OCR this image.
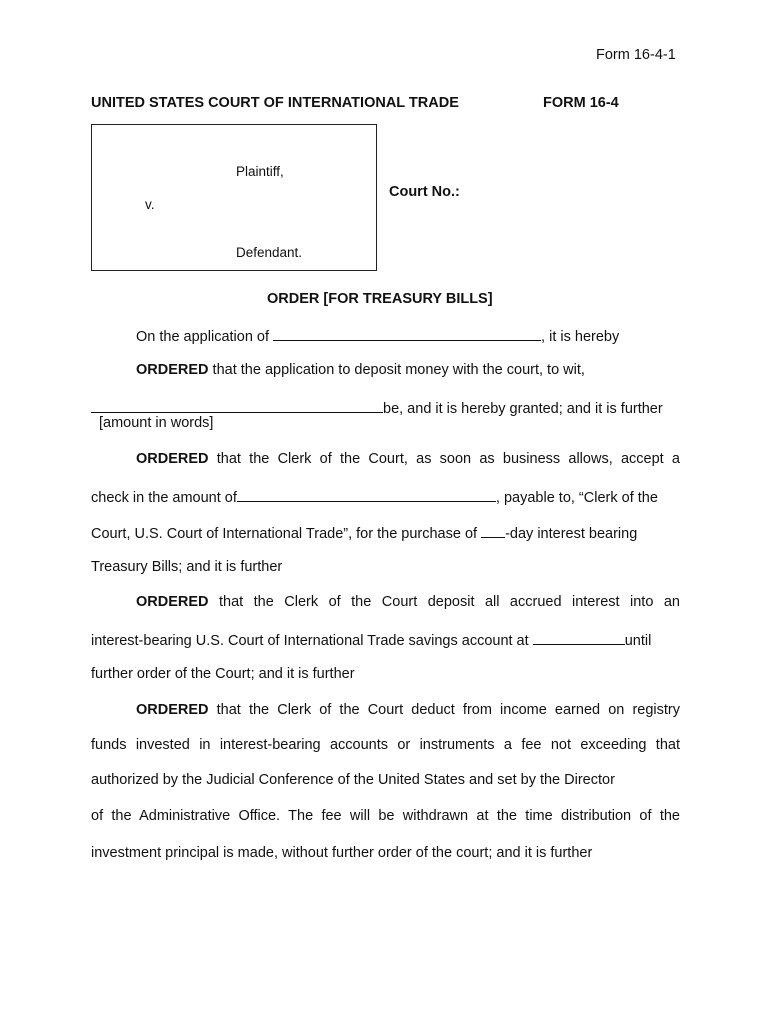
Form 16-4-1
UNITED STATES COURT OF INTERNATIONAL TRADE	FORM 16-4
Plaintiff,
v.
Defendant.
Court No.:
ORDER [FOR TREASURY BILLS]
On the application of	, it is hereby
ORDERED that the application to deposit money with the court, to wit,
be, and it is hereby granted; and it is further
[amount in words]
ORDERED that the Clerk of the Court, as soon as business allows, accept a
check in the amount of	, payable to, “Clerk of the
Court, U.S. Court of International Trade”, for the purchase of -day interest bearing
Treasury Bills; and it is further
ORDERED that the Clerk of the Court deposit all accrued interest into an
interest-bearing U.S. Court of International Trade savings account at	until
further order of the Court; and it is further
ORDERED that the Clerk of the Court deduct from income earned on registry
funds invested in interest-bearing accounts or instruments a fee not exceeding that
authorized by the Judicial Conference of the United States and set by the Director
of the Administrative Office. The fee will be withdrawn at the time distribution of the
investment principal is made, without further order of the court; and it is further
